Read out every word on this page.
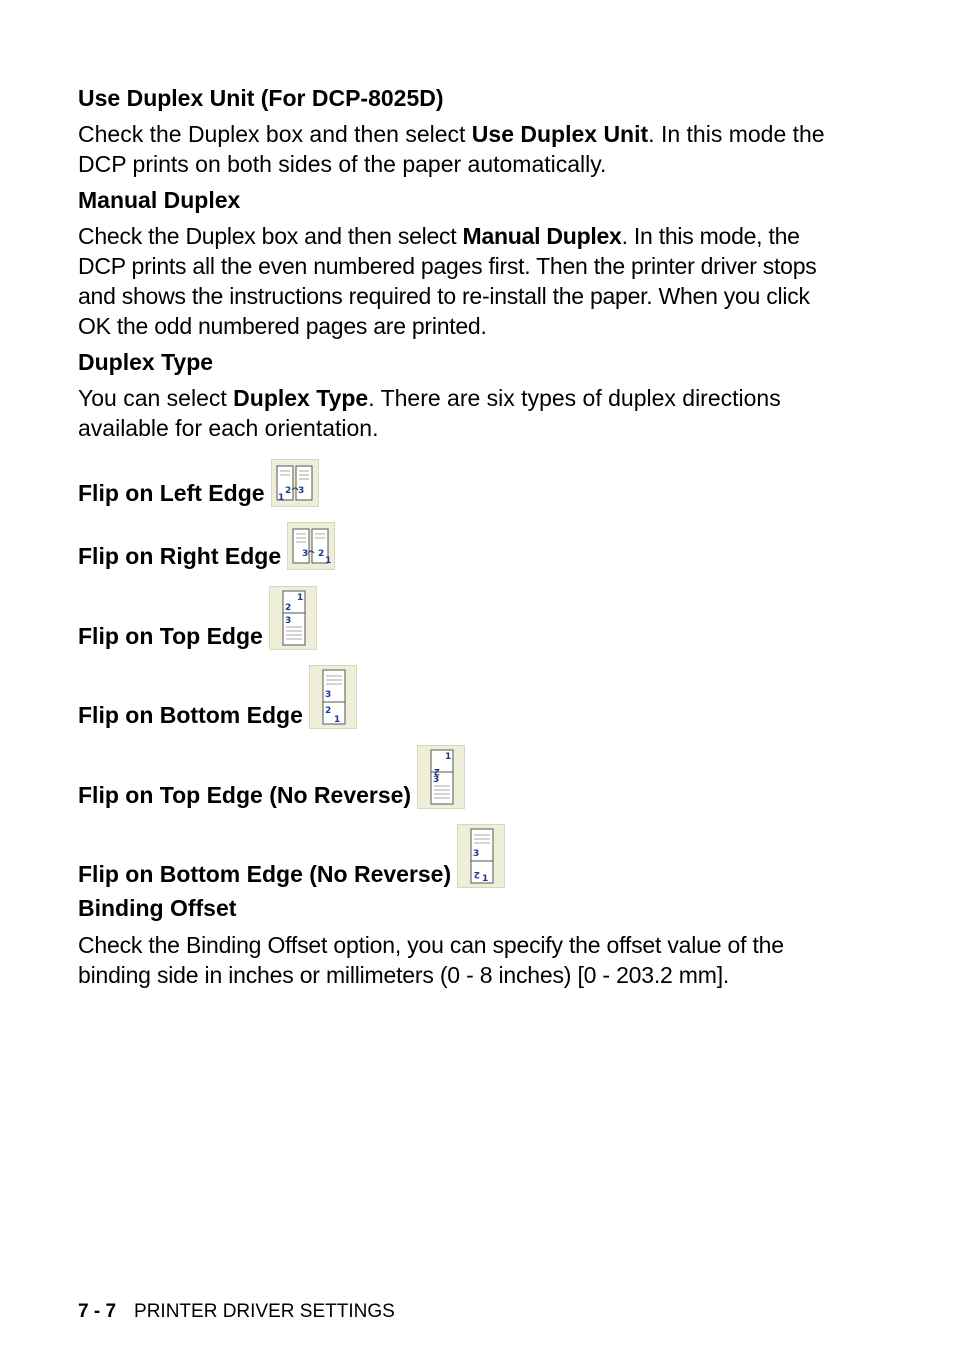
Use Duplex Unit (For DCP-8025D)
Check the Duplex box and then select Use Duplex Unit. In this mode the DCP prints on both sides of the paper automatically.
Manual Duplex
Check the Duplex box and then select Manual Duplex. In this mode, the DCP prints all the even numbered pages first. Then the printer driver stops and shows the instructions required to re-install the paper. When you click OK the odd numbered pages are printed.
Duplex Type
You can select Duplex Type. There are six types of duplex directions available for each orientation.
Flip on Left Edge 1
2 3
Flip on Right Edge 3 2
1
Flip on Top Edge
1
2
3
Flip on Bottom Edge
3
2
1
Flip on Top Edge (No Reverse)
1
2
3
Flip on Bottom Edge (No Reverse)
3
2 1
Binding Offset
Check the Binding Offset option, you can specify the offset value of the binding side in inches or millimeters (0 - 8 inches) [0 - 203.2 mm].
7 - 7 PRINTER DRIVER SETTINGS
